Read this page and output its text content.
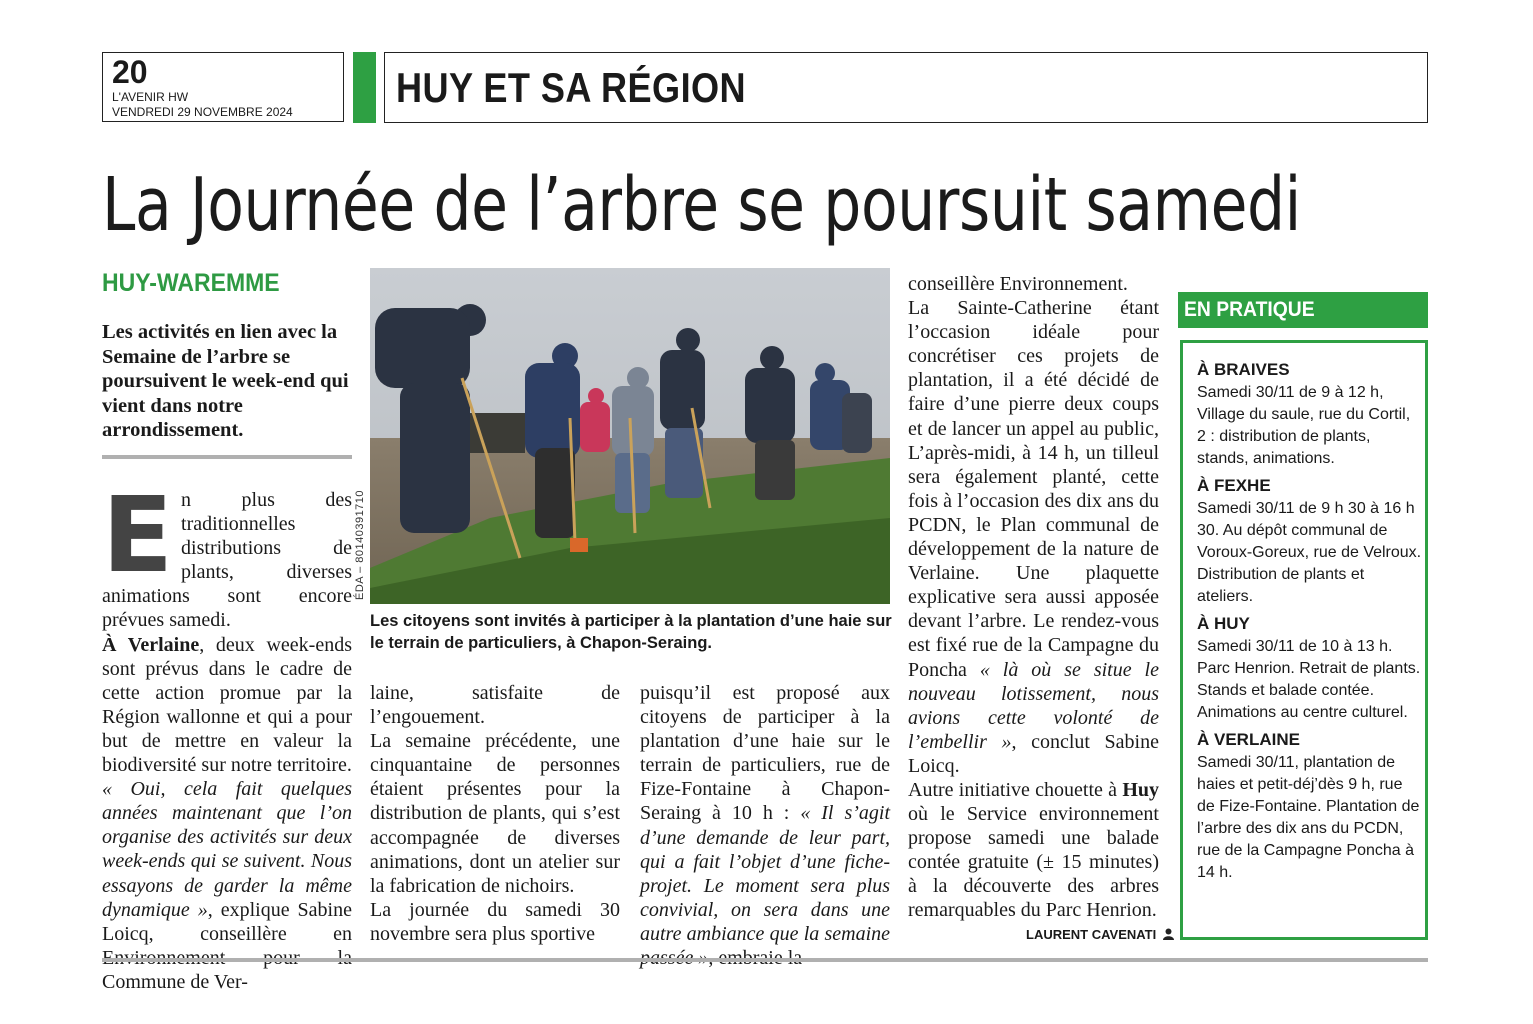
20
L'AVENIR HW
VENDREDI 29 NOVEMBRE 2024
HUY ET SA RÉGION
La Journée de l’arbre se poursuit samedi
HUY-WAREMME
Les activités en lien avec la Semaine de l’arbre se poursuivent le week-end qui vient dans notre arrondissement.

En plus des traditionnelles distributions de plants, diverses animations sont encore prévues samedi.

À Verlaine, deux week-ends sont prévus dans le cadre de cette action promue par la Région wallonne et qui a pour but de mettre en valeur la biodiversité sur notre territoire.

« Oui, cela fait quelques années maintenant que l’on organise des activités sur deux week-ends qui se suivent. Nous essayons de garder la même dynamique », explique Sabine Loicq, conseillère en Commune de Ver-

ÉDA – 80140391710
Les citoyens sont invités à participer à la plantation d’une haie sur le terrain de particuliers, à Chapon-Seraing.

laine, satisfaite de l’engouement.

La semaine précédente, une cinquantaine de personnes étaient présentes pour la distribution de plants, qui s’est accompagnée de diverses animations, dont un atelier sur la fabrication de nichoirs.

La journée du samedi 30 novembre sera plus sportive

puisqu’il est proposé aux citoyens de participer à la plantation d’une haie sur le terrain de particuliers, rue de Fize-Fontaine à Chapon-Seraing à 10 h : « Il s’agit d’une demande de leur part, qui a fait l’objet d’une fiche-projet. Le moment sera plus convivial, on sera dans une autre ambiance que la semaine

conseillère Environnement.

La Sainte-Catherine étant l’occasion idéale pour concrétiser ces projets de plantation, il a été décidé de faire d’une pierre deux coups et de lancer un appel au public, L’après-midi, à 14 h, un tilleul sera également planté, cette fois à l’occasion des dix ans du PCDN, le Plan communal de développement de la nature de Verlaine. Une plaquette explicative sera aussi apposée devant l’arbre. Le rendez-vous est fixé rue de la Campagne du Poncha « là où se situe le nouveau lotissement, nous avions cette volonté de l’embellir », conclut Sabine Loicq.

Autre initiative chouette à Huy où le Service environnement propose samedi une balade contée gratuite (± 15 minutes) à la découverte des arbres remarquables du Parc Henrion.

LAURENT CAVENATI
EN PRATIQUE

À BRAIVES

Samedi 30/11 de 9 à 12 h, Village du saule, rue du Cortil, 2 : distribution de plants, stands, animations.

À FEXHE

Samedi 30/11 de 9 h 30 à 16 h 30. Au dépôt communal de Voroux-Goreux, rue de Velroux. Distribution de plants et ateliers.

À HUY

Samedi 30/11 de 10 à 13 h. Parc Henrion. Retrait de plants. Stands et balade contée. Animations au centre culturel.

À VERLAINE

Samedi 30/11, plantation de haies et petit-déj’dès 9 h, rue de Fize-Fontaine. Plantation de l’arbre des dix ans du PCDN, rue de la Campagne Poncha à 14 h.
